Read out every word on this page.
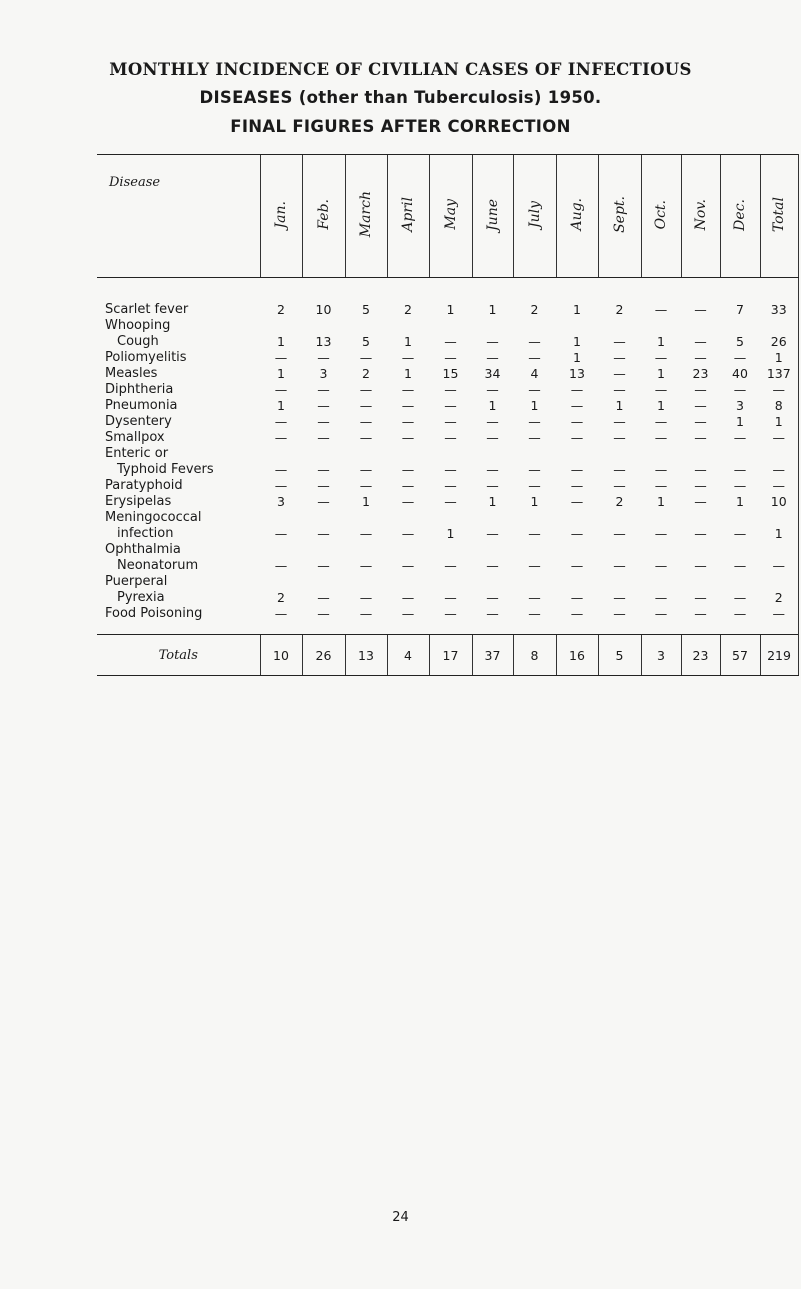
MONTHLY INCIDENCE OF CIVILIAN CASES OF INFECTIOUS
DISEASES (other than Tuberculosis) 1950.
FINAL FIGURES AFTER CORRECTION
Disease	Jan.	Feb.	March	April	May	June	July	Aug.	Sept.	Oct.	Nov.	Dec.	Total
Scarlet fever	2	10	5	2	1	1	2	1	2	—	—	7	33
Whooping													
Cough	1	13	5	1	—	—	—	1	—	1	—	5	26
Poliomyelitis	—	—	—	—	—	—	—	1	—	—	—	—	1
Measles	1	3	2	1	15	34	4	13	—	1	23	40	137
Diphtheria	—	—	—	—	—	—	—	—	—	—	—	—	—
Pneumonia	1	—	—	—	—	1	1	—	1	1	—	3	8
Dysentery	—	—	—	—	—	—	—	—	—	—	—	1	1
Smallpox	—	—	—	—	—	—	—	—	—	—	—	—	—
Enteric or													
Typhoid Fevers	—	—	—	—	—	—	—	—	—	—	—	—	—
Paratyphoid	—	—	—	—	—	—	—	—	—	—	—	—	—
Erysipelas	3	—	1	—	—	1	1	—	2	1	—	1	10
Meningococcal													
infection	—	—	—	—	1	—	—	—	—	—	—	—	1
Ophthalmia													
Neonatorum	—	—	—	—	—	—	—	—	—	—	—	—	—
Puerperal													
Pyrexia	2	—	—	—	—	—	—	—	—	—	—	—	2
Food Poisoning	—	—	—	—	—	—	—	—	—	—	—	—	—
Totals	10	26	13	4	17	37	8	16	5	3	23	57	219
24
